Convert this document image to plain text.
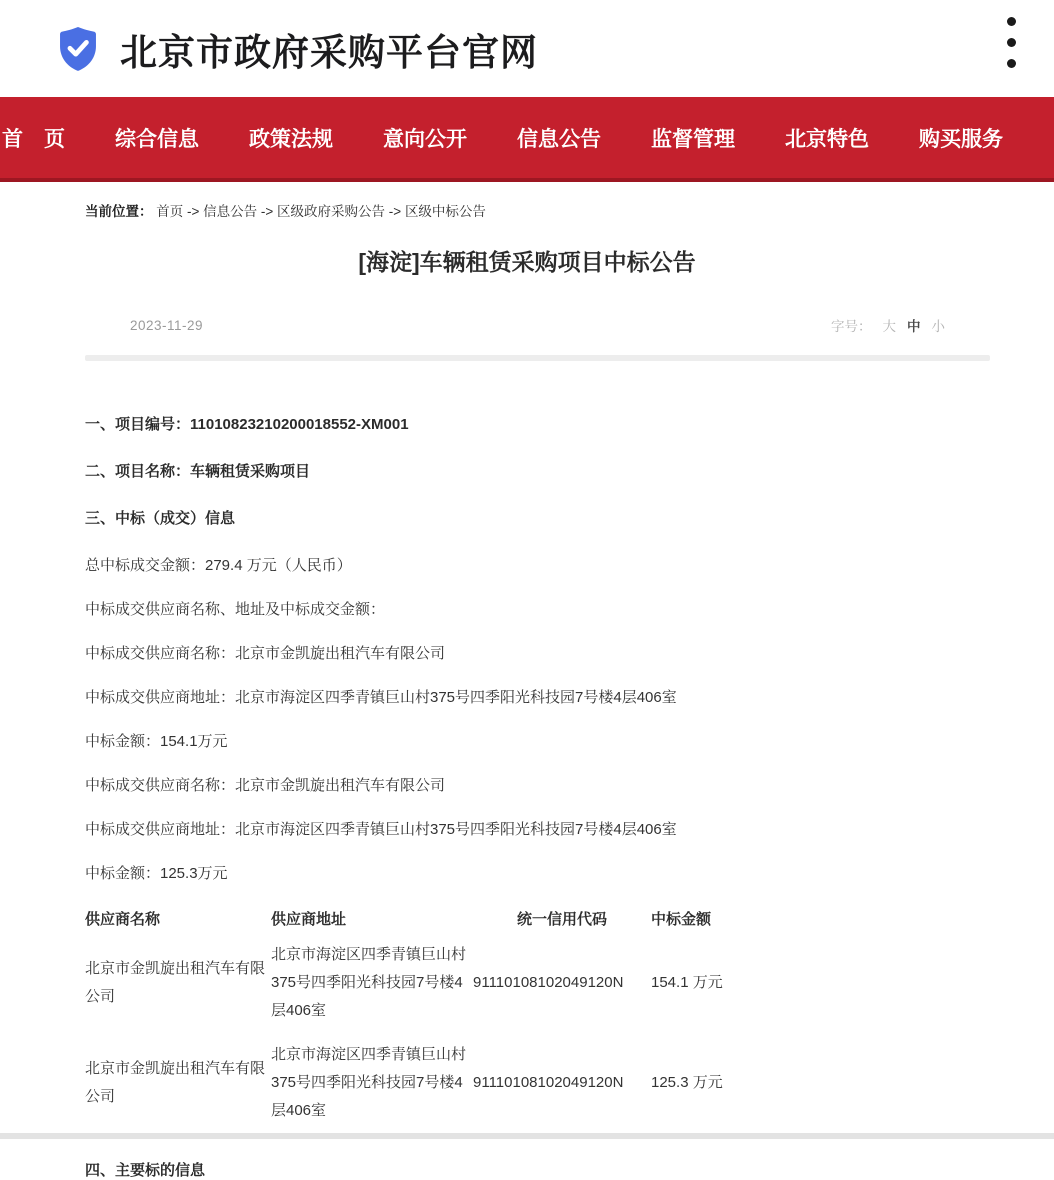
北京市政府采购平台官网
首　页 综合信息 政策法规 意向公开 信息公告 监督管理 北京特色 购买服务
当前位置： 首页 -> 信息公告 -> 区级政府采购公告 -> 区级中标公告
[海淀]车辆租赁采购项目中标公告
2023-11-29	字号： 大 中 小

一、项目编号：11010823210200018552-XM001

二、项目名称：车辆租赁采购项目

三、中标（成交）信息

总中标成交金额：279.4 万元（人民币）

中标成交供应商名称、地址及中标成交金额：

中标成交供应商名称：北京市金凯旋出租汽车有限公司

中标成交供应商地址：北京市海淀区四季青镇巨山村375号四季阳光科技园7号楼4层406室

中标金额：154.1万元

中标成交供应商名称：北京市金凯旋出租汽车有限公司

中标成交供应商地址：北京市海淀区四季青镇巨山村375号四季阳光科技园7号楼4层406室

中标金额：125.3万元

供应商名称	供应商地址	统一信用代码	中标金额
北京市金凯旋出租汽车有限公司	北京市海淀区四季青镇巨山村375号四季阳光科技园7号楼4层406室	91110108102049120N	154.1 万元
北京市金凯旋出租汽车有限公司	北京市海淀区四季青镇巨山村375号四季阳光科技园7号楼4层406室	91110108102049120N	125.3 万元
四、主要标的信息
